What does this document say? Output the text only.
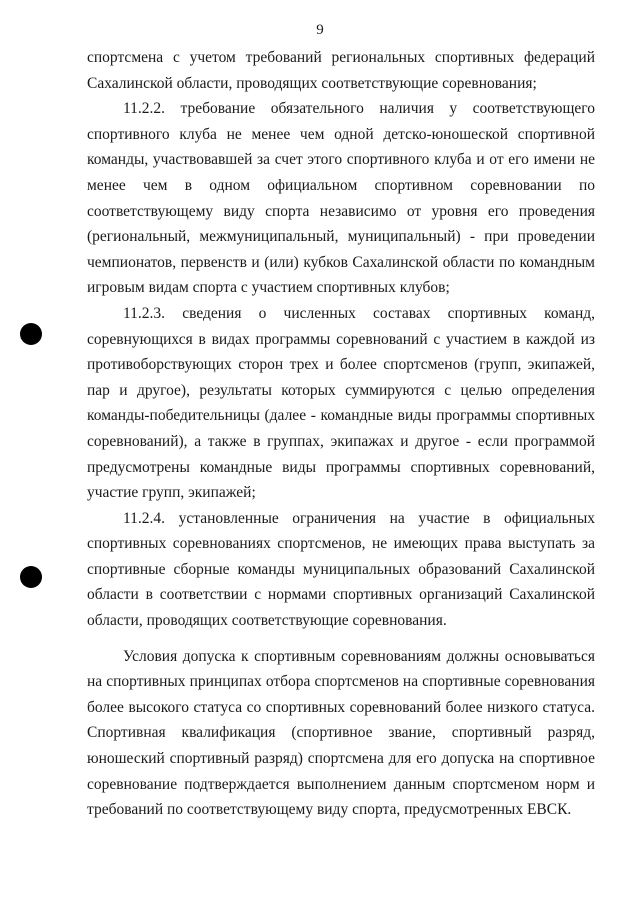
9

спортсмена с учетом требований региональных спортивных федераций Сахалинской области, проводящих соответствующие соревнования;

11.2.2. требование обязательного наличия у соответствующего спортивного клуба не менее чем одной детско-юношеской спортивной команды, участвовавшей за счет этого спортивного клуба и от его имени не менее чем в одном официальном спортивном соревновании по соответствующему виду спорта независимо от уровня его проведения (региональный, межмуниципальный, муниципальный) - при проведении чемпионатов, первенств и (или) кубков Сахалинской области по командным игровым видам спорта с участием спортивных клубов;

11.2.3. сведения о численных составах спортивных команд, соревнующихся в видах программы соревнований с участием в каждой из противоборствующих сторон трех и более спортсменов (групп, экипажей, пар и другое), результаты которых суммируются с целью определения команды-победительницы (далее - командные виды программы спортивных соревнований), а также в группах, экипажах и другое - если программой предусмотрены командные виды программы спортивных соревнований, участие групп, экипажей;

11.2.4. установленные ограничения на участие в официальных спортивных соревнованиях спортсменов, не имеющих права выступать за спортивные сборные команды муниципальных образований Сахалинской области в соответствии с нормами спортивных организаций Сахалинской области, проводящих соответствующие соревнования.

Условия допуска к спортивным соревнованиям должны основываться на спортивных принципах отбора спортсменов на спортивные соревнования более высокого статуса со спортивных соревнований более низкого статуса. Спортивная квалификация (спортивное звание, спортивный разряд, юношеский спортивный разряд) спортсмена для его допуска на спортивное соревнование подтверждается выполнением данным спортсменом норм и требований по соответствующему виду спорта, предусмотренных ЕВСК.
